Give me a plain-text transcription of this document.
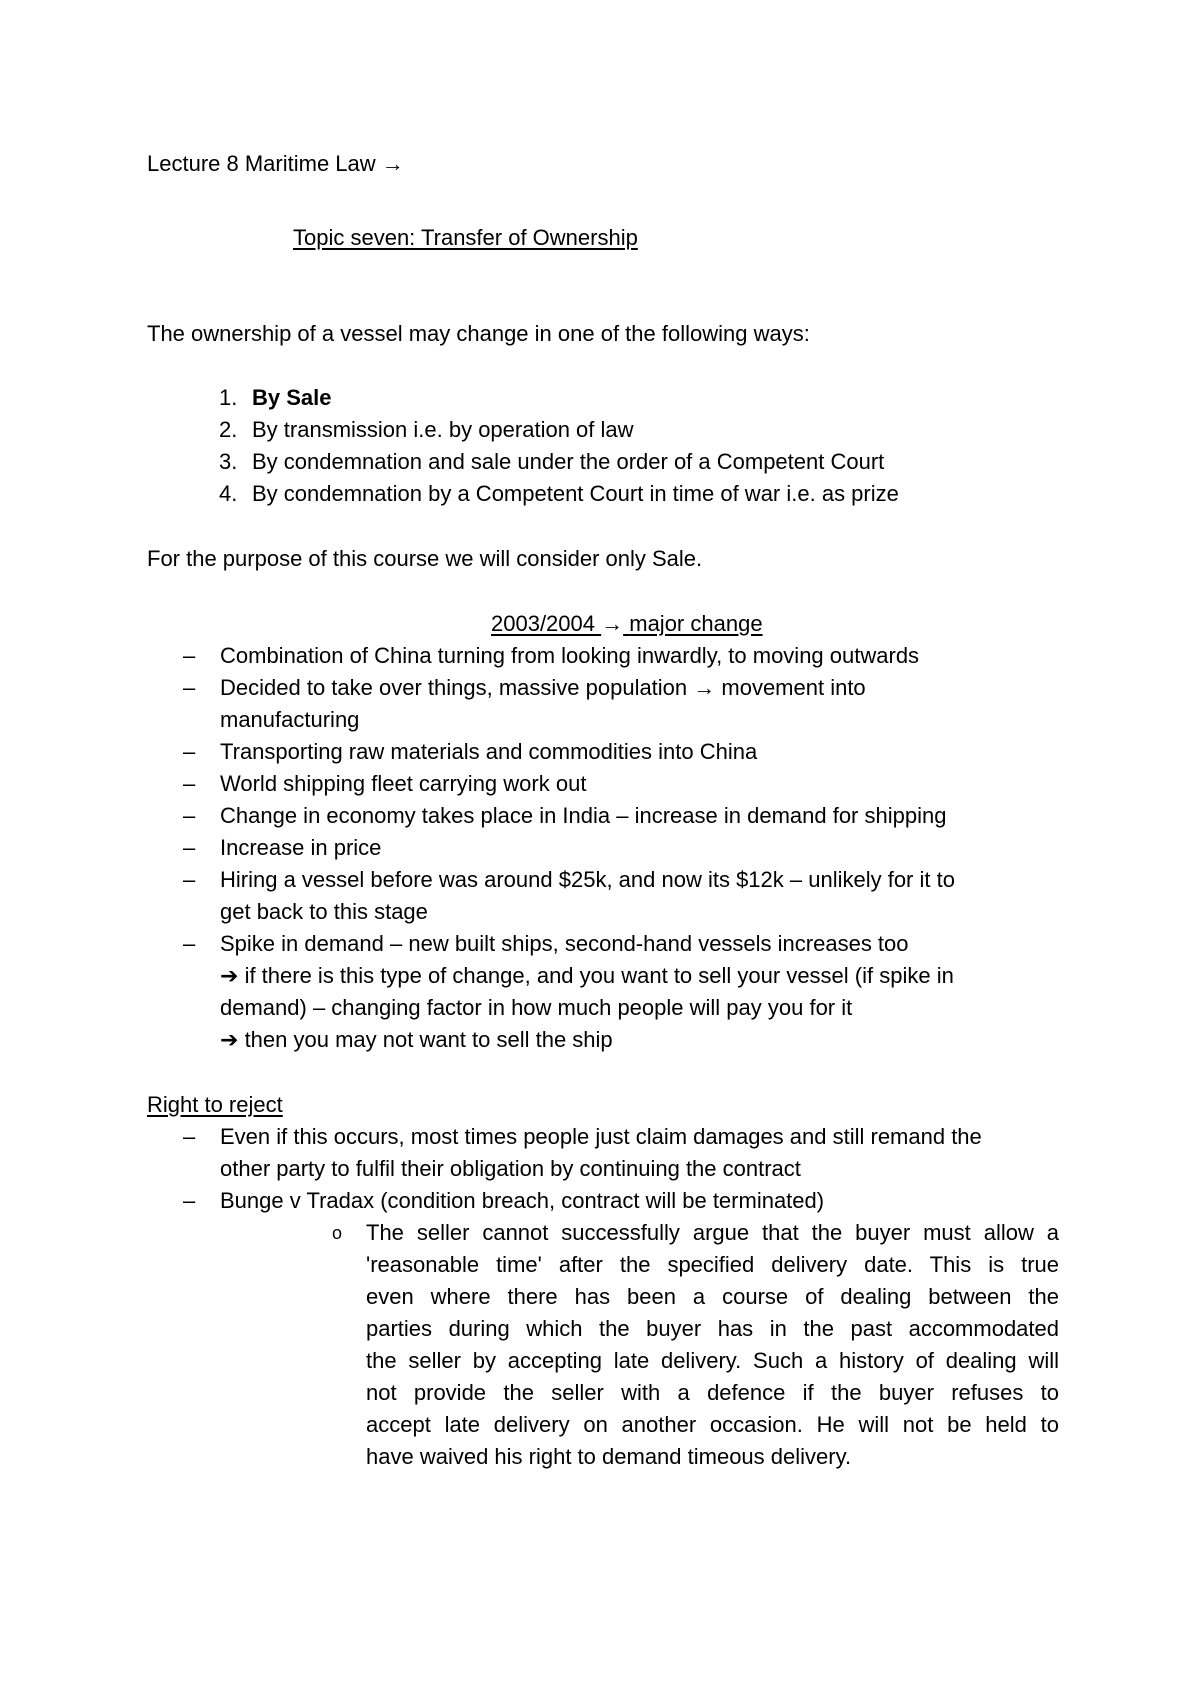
Lecture 8 Maritime Law →
Topic seven: Transfer of Ownership
The ownership of a vessel may change in one of the following ways:
1. By Sale
2. By transmission i.e. by operation of law
3. By condemnation and sale under the order of a Competent Court
4. By condemnation by a Competent Court in time of war i.e. as prize
For the purpose of this course we will consider only Sale.
2003/2004 → major change
– Combination of China turning from looking inwardly, to moving outwards
– Decided to take over things, massive population → movement into
manufacturing
– Transporting raw materials and commodities into China
– World shipping fleet carrying work out
– Change in economy takes place in India – increase in demand for shipping
– Increase in price
– Hiring a vessel before was around $25k, and now its $12k – unlikely for it to
get back to this stage
– Spike in demand – new built ships, second-hand vessels increases too
➔ if there is this type of change, and you want to sell your vessel (if spike in
demand) – changing factor in how much people will pay you for it
➔ then you may not want to sell the ship
Right to reject
– Even if this occurs, most times people just claim damages and still remand the
other party to fulfil their obligation by continuing the contract
– Bunge v Tradax (condition breach, contract will be terminated)
o The seller cannot successfully argue that the buyer must allow a
'reasonable time' after the specified delivery date. This is true
even where there has been a course of dealing between the
parties during which the buyer has in the past accommodated
the seller by accepting late delivery. Such a history of dealing will
not provide the seller with a defence if the buyer refuses to
accept late delivery on another occasion. He will not be held to
have waived his right to demand timeous delivery.
